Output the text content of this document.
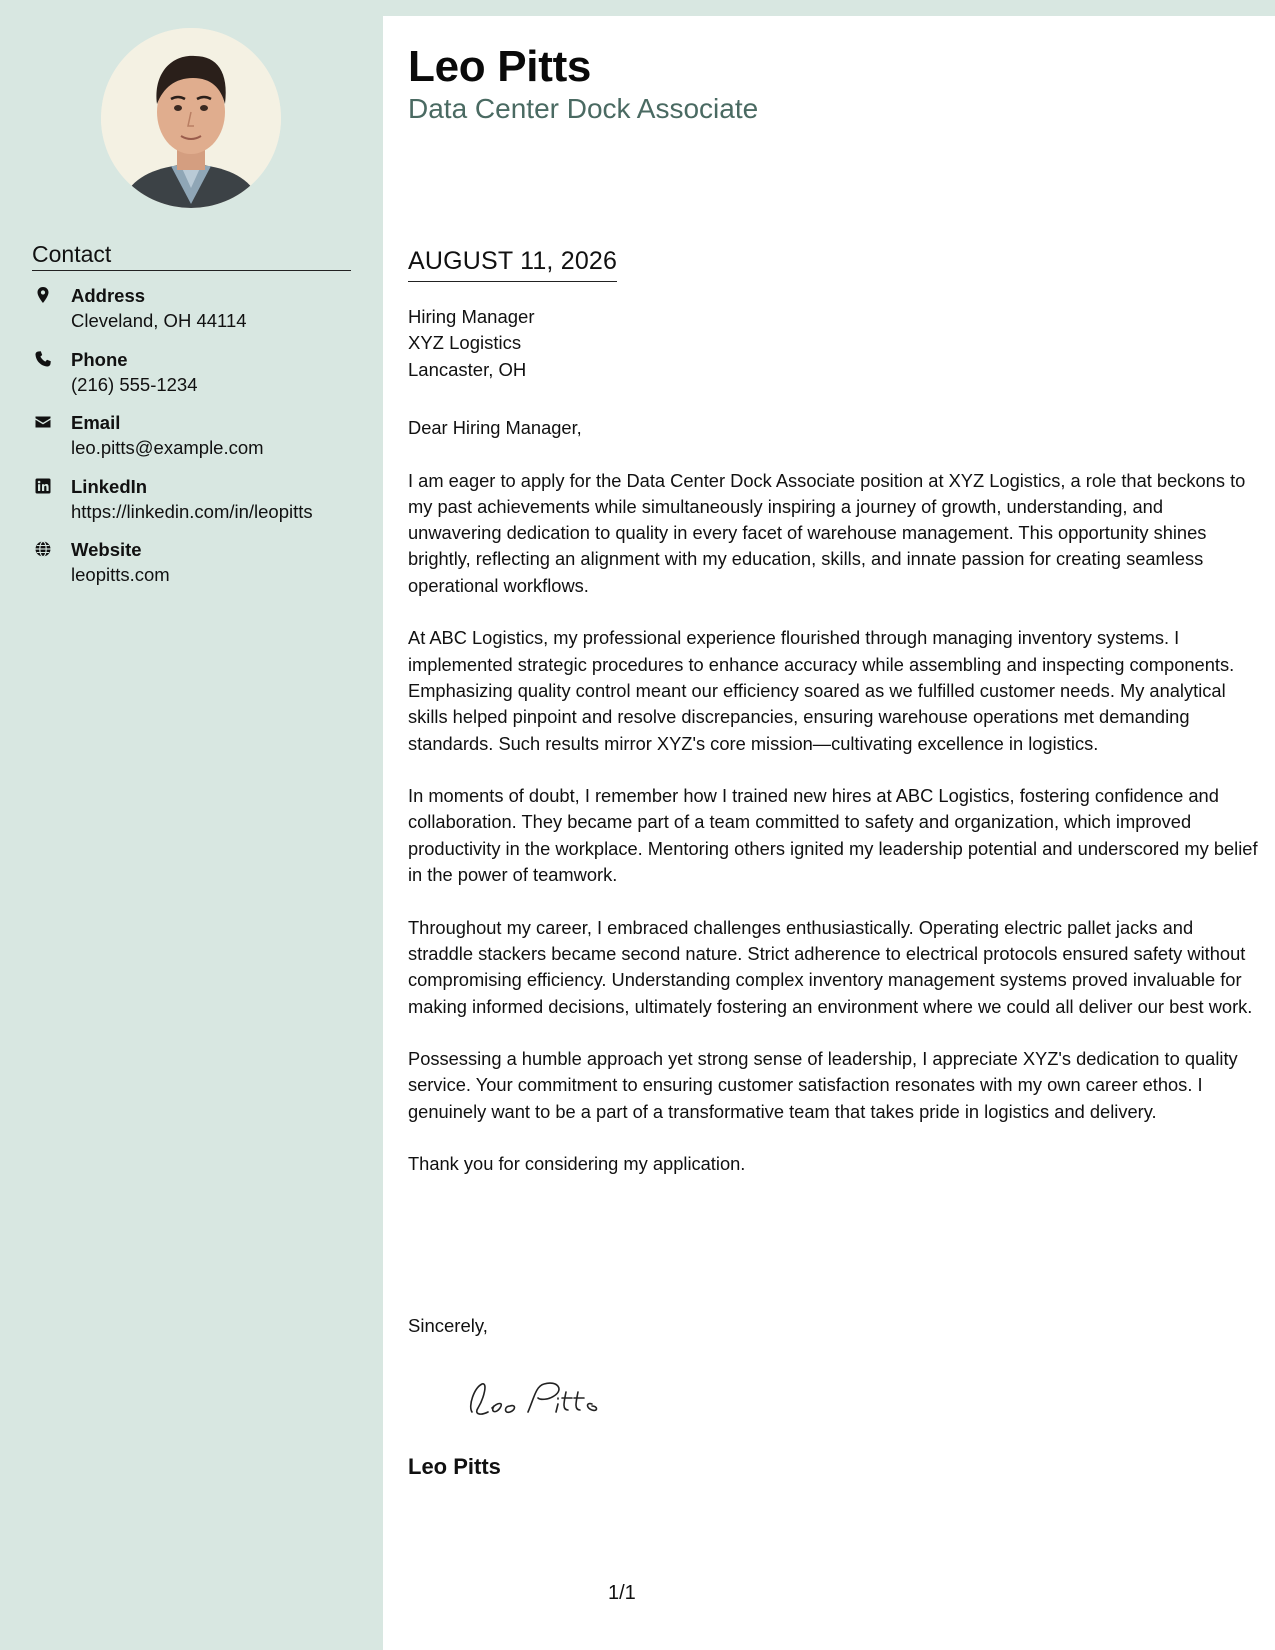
Contact
Address
Cleveland, OH 44114
Phone
(216) 555-1234
Email
leo.pitts@example.com
LinkedIn
https://linkedin.com/in/leopitts
Website
leopitts.com
Leo Pitts
Data Center Dock Associate
AUGUST 11, 2026
Hiring Manager
XYZ Logistics
Lancaster, OH

Dear Hiring Manager,

I am eager to apply for the Data Center Dock Associate position at XYZ Logistics, a role that beckons to my past achievements while simultaneously inspiring a journey of growth, understanding, and unwavering dedication to quality in every facet of warehouse management. This opportunity shines brightly, reflecting an alignment with my education, skills, and innate passion for creating seamless operational workflows.

At ABC Logistics, my professional experience flourished through managing inventory systems. I implemented strategic procedures to enhance accuracy while assembling and inspecting components. Emphasizing quality control meant our efficiency soared as we fulfilled customer needs. My analytical skills helped pinpoint and resolve discrepancies, ensuring warehouse operations met demanding standards. Such results mirror XYZ's core mission—cultivating excellence in logistics.

In moments of doubt, I remember how I trained new hires at ABC Logistics, fostering confidence and collaboration. They became part of a team committed to safety and organization, which improved productivity in the workplace. Mentoring others ignited my leadership potential and underscored my belief in the power of teamwork.

Throughout my career, I embraced challenges enthusiastically. Operating electric pallet jacks and straddle stackers became second nature. Strict adherence to electrical protocols ensured safety without compromising efficiency. Understanding complex inventory management systems proved invaluable for making informed decisions, ultimately fostering an environment where we could all deliver our best work.

Possessing a humble approach yet strong sense of leadership, I appreciate XYZ's dedication to quality service. Your commitment to ensuring customer satisfaction resonates with my own career ethos. I genuinely want to be a part of a transformative team that takes pride in logistics and delivery.

Thank you for considering my application.

Sincerely,
Leo Pitts
1/1
